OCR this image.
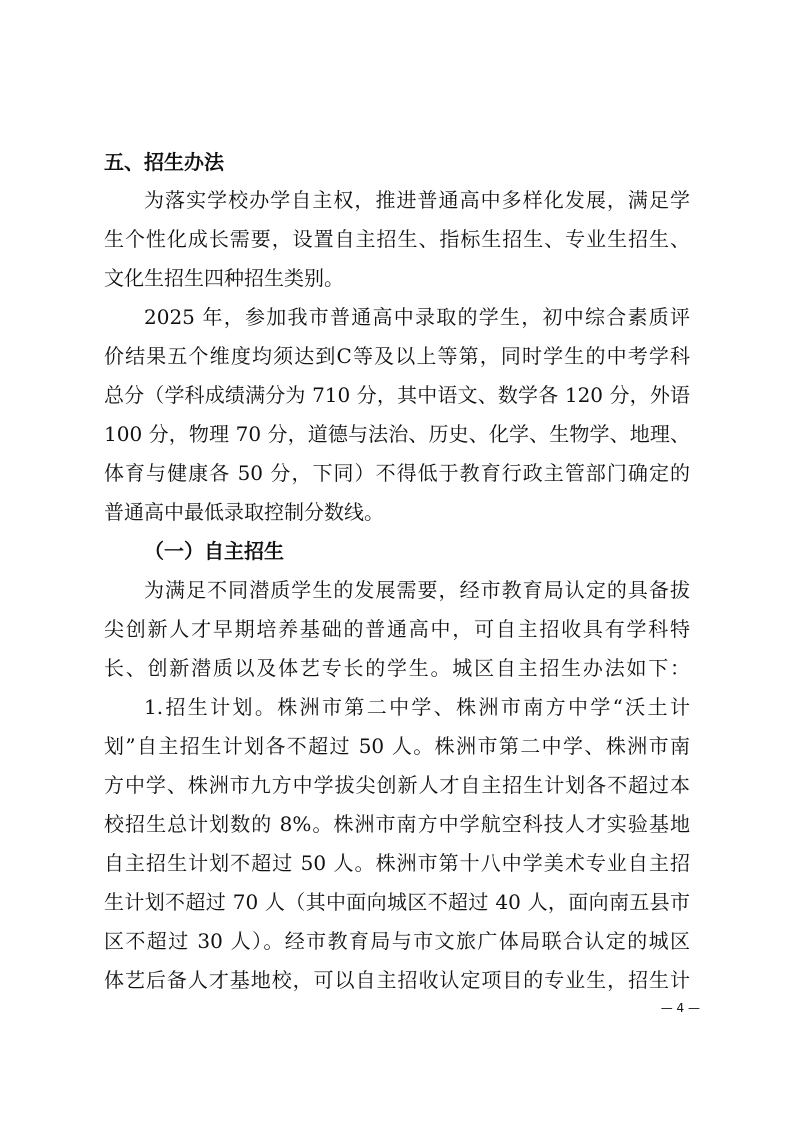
五、招生办法
为落实学校办学自主权，推进普通高中多样化发展，满足学
生个性化成长需要，设置自主招生、指标生招生、专业生招生、
文化生招生四种招生类别。
2025 年，参加我市普通高中录取的学生，初中综合素质评
价结果五个维度均须达到C等及以上等第，同时学生的中考学科
总分（学科成绩满分为 710 分，其中语文、数学各 120 分，外语
100 分，物理 70 分，道德与法治、历史、化学、生物学、地理、
体育与健康各 50 分，下同）不得低于教育行政主管部门确定的
普通高中最低录取控制分数线。
（一）自主招生
为满足不同潜质学生的发展需要，经市教育局认定的具备拔
尖创新人才早期培养基础的普通高中，可自主招收具有学科特
长、创新潜质以及体艺专长的学生。城区自主招生办法如下：
1.招生计划。株洲市第二中学、株洲市南方中学“沃土计
划”自主招生计划各不超过 50 人。株洲市第二中学、株洲市南
方中学、株洲市九方中学拔尖创新人才自主招生计划各不超过本
校招生总计划数的 8%。株洲市南方中学航空科技人才实验基地
自主招生计划不超过 50 人。株洲市第十八中学美术专业自主招
生计划不超过 70 人（其中面向城区不超过 40 人，面向南五县市
区不超过 30 人）。经市教育局与市文旅广体局联合认定的城区
体艺后备人才基地校，可以自主招收认定项目的专业生，招生计
— 4 —
